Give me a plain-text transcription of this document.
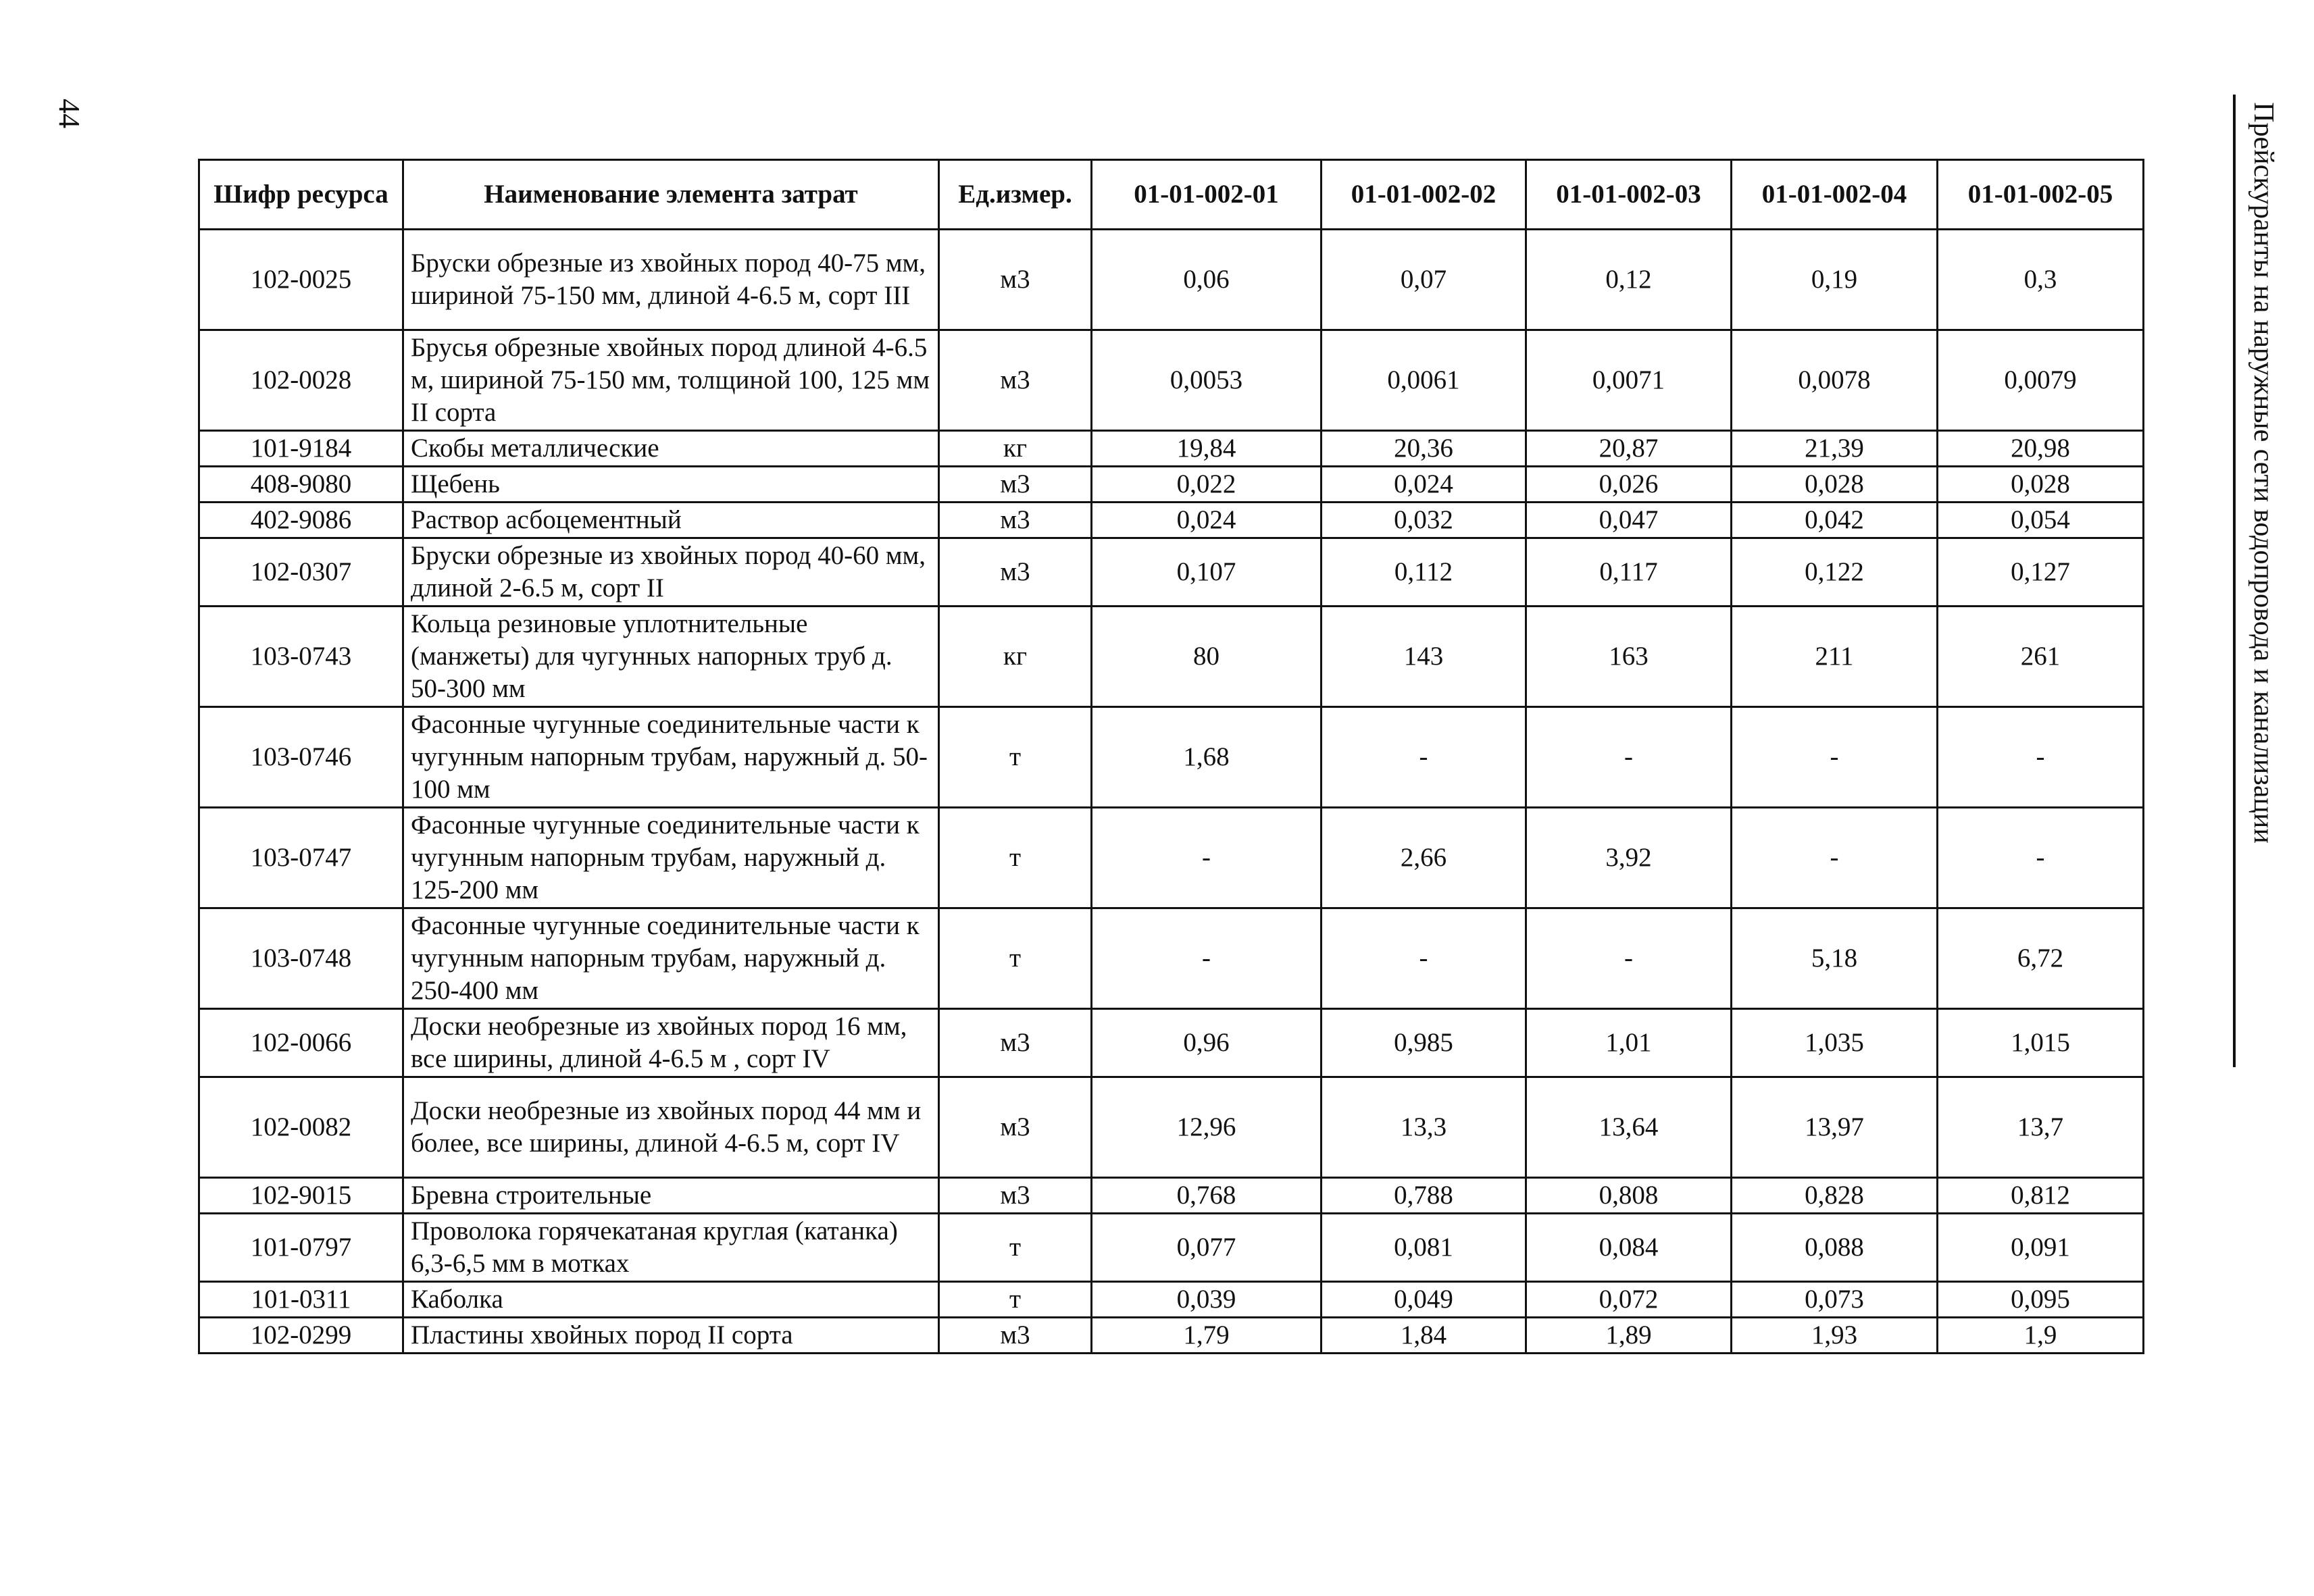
44	Прейскуранты на наружные сети водопровода и канализации
Шифр ресурса	Наименование элемента затрат	Ед.измер.	01-01-002-01	01-01-002-02	01-01-002-03	01-01-002-04	01-01-002-05
102-0025	Бруски обрезные из хвойных пород 40-75 мм, шириной 75-150 мм, длиной 4-6.5 м, сорт III	м3	0,06	0,07	0,12	0,19	0,3
102-0028	Брусья обрезные хвойных пород длиной 4-6.5 м, шириной 75-150 мм, толщиной 100, 125 мм II сорта	м3	0,0053	0,0061	0,0071	0,0078	0,0079
101-9184	Скобы металлические	кг	19,84	20,36	20,87	21,39	20,98
408-9080	Щебень	м3	0,022	0,024	0,026	0,028	0,028
402-9086	Раствор асбоцементный	м3	0,024	0,032	0,047	0,042	0,054
102-0307	Бруски обрезные из хвойных пород 40-60 мм, длиной 2-6.5 м, сорт II	м3	0,107	0,112	0,117	0,122	0,127
103-0743	Кольца резиновые уплотнительные (манжеты) для чугунных напорных труб д. 50-300 мм	кг	80	143	163	211	261
103-0746	Фасонные чугунные соединительные части к чугунным напорным трубам, наружный д. 50-100 мм	т	1,68	-	-	-	-
103-0747	Фасонные чугунные соединительные части к чугунным напорным трубам, наружный д. 125-200 мм	т	-	2,66	3,92	-	-
103-0748	Фасонные чугунные соединительные части к чугунным напорным трубам, наружный д. 250-400 мм	т	-	-	-	5,18	6,72
102-0066	Доски необрезные из хвойных пород 16 мм, все ширины, длиной 4-6.5 м , сорт IV	м3	0,96	0,985	1,01	1,035	1,015
102-0082	Доски необрезные из хвойных пород 44 мм и более, все ширины, длиной 4-6.5 м, сорт IV	м3	12,96	13,3	13,64	13,97	13,7
102-9015	Бревна строительные	м3	0,768	0,788	0,808	0,828	0,812
101-0797	Проволока горячекатаная круглая (катанка) 6,3-6,5 мм в мотках	т	0,077	0,081	0,084	0,088	0,091
101-0311	Каболка	т	0,039	0,049	0,072	0,073	0,095
102-0299	Пластины хвойных пород II сорта	м3	1,79	1,84	1,89	1,93	1,9
